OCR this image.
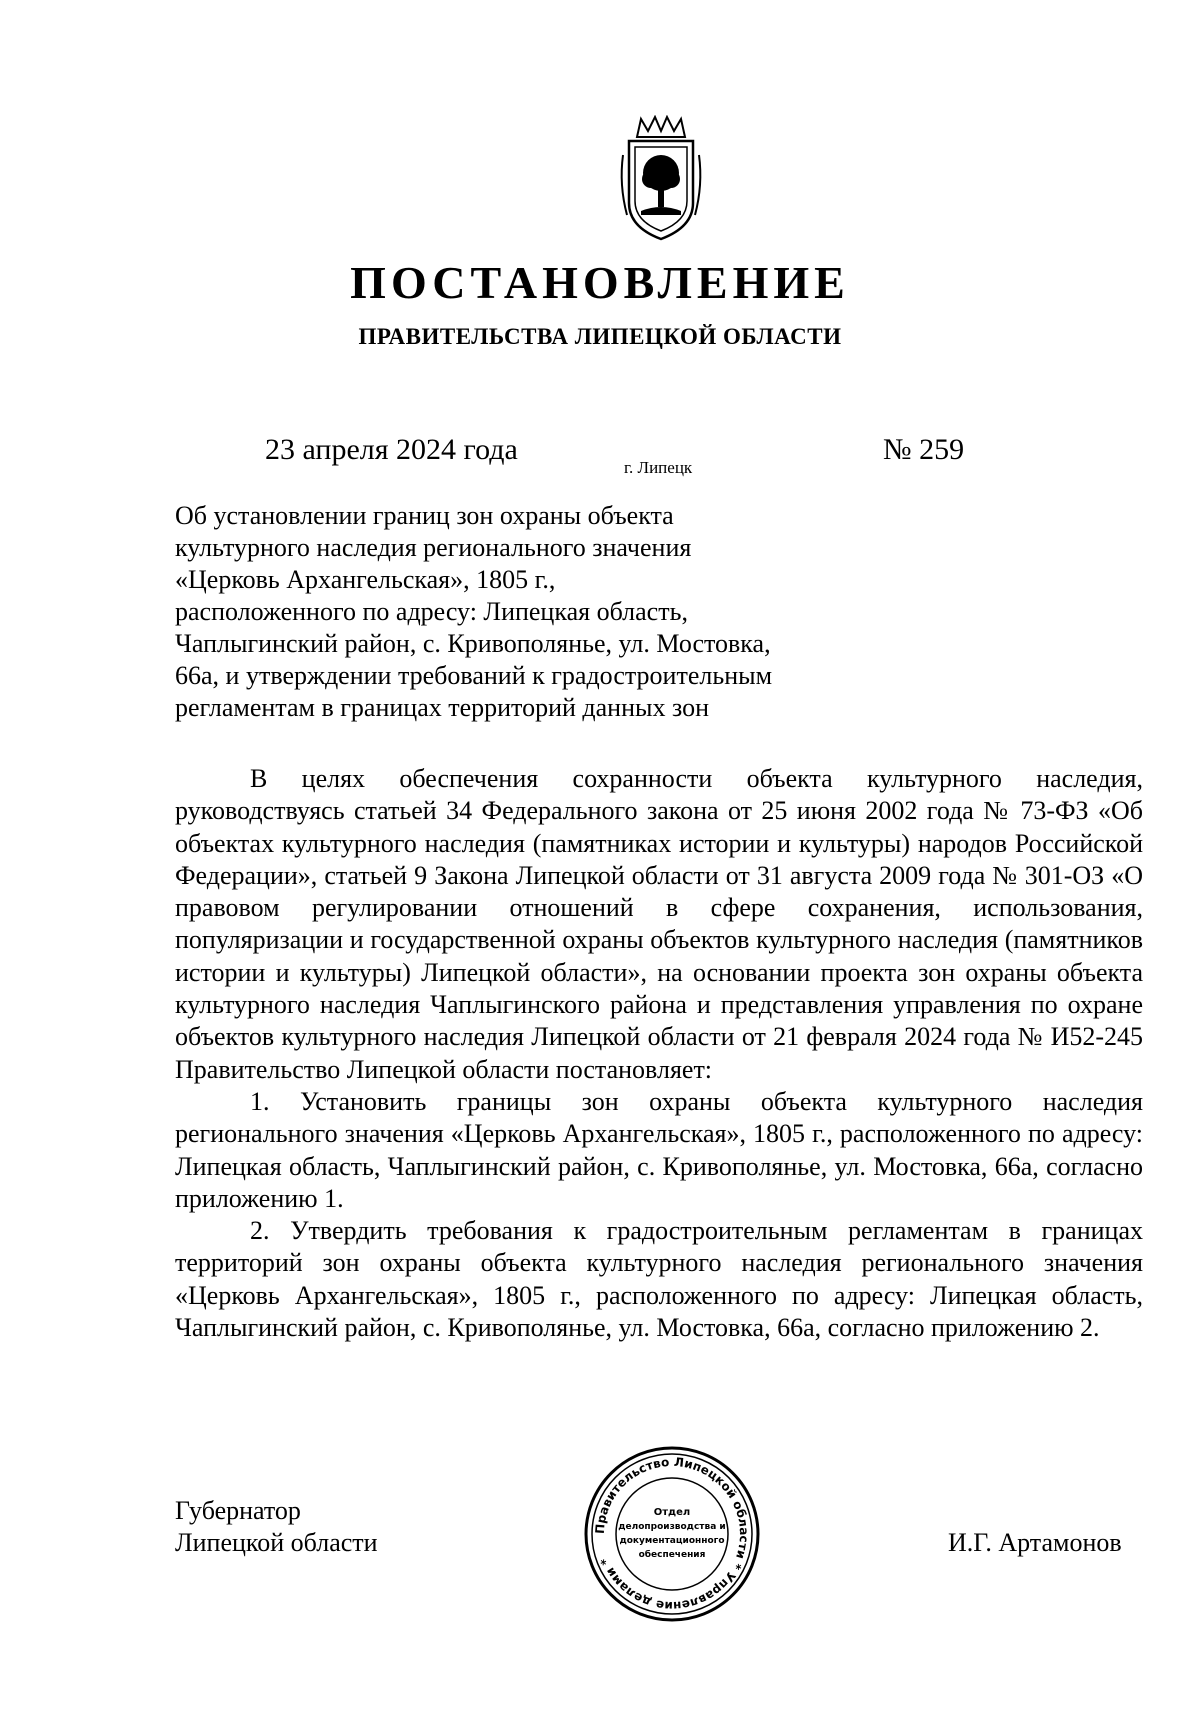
ПОСТАНОВЛЕНИЕ
ПРАВИТЕЛЬСТВА ЛИПЕЦКОЙ ОБЛАСТИ
23 апреля 2024 года
г. Липецк
№ 259
Об установлении границ зон охраны объекта
культурного наследия регионального значения
«Церковь Архангельская», 1805 г.,
расположенного по адресу: Липецкая область,
Чаплыгинский район, с. Кривополянье, ул. Мостовка,
66а, и утверждении требований к градостроительным
регламентам в границах территорий данных зон

В целях обеспечения сохранности объекта культурного наследия, руководствуясь статьей 34 Федерального закона от 25 июня 2002 года № 73-ФЗ «Об объектах культурного наследия (памятниках истории и культуры) народов Российской Федерации», статьей 9 Закона Липецкой области от 31 августа 2009 года № 301-ОЗ «О правовом регулировании отношений в сфере сохранения, использования, популяризации и государственной охраны объектов культурного наследия (памятников истории и культуры) Липецкой области», на основании проекта зон охраны объекта культурного наследия Чаплыгинского района и представления управления по охране объектов культурного наследия Липецкой области от 21 февраля 2024 года № И52-245 Правительство Липецкой области постановляет:

1. Установить границы зон охраны объекта культурного наследия регионального значения «Церковь Архангельская», 1805 г., расположенного по адресу: Липецкая область, Чаплыгинский район, с. Кривополянье, ул. Мостовка, 66а, согласно приложению 1.

2. Утвердить требования к градостроительным регламентам в границах территорий зон охраны объекта культурного наследия регионального значения «Церковь Архангельская», 1805 г., расположенного по адресу: Липецкая область, Чаплыгинский район, с. Кривополянье, ул. Мостовка, 66а, согласно приложению 2.

Губернатор
Липецкой области	Правительство Липецкой области * Управление делами *
Отдел
делопроизводства и
документационного
обеспечения	И.Г. Артамонов
